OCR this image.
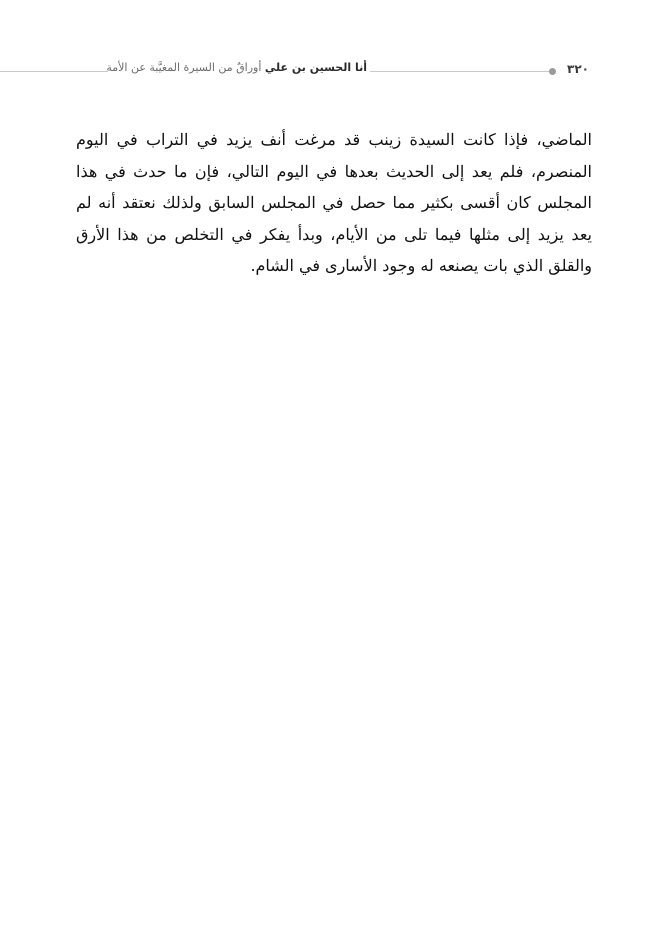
أنا الحسين بن علي أوراقٌ من السيرة المغيَّبة عن الأمة	٣٢٠

الماضي، فإذا كانت السيدة زينب قد مرغت أنف يزيد في التراب في اليوم المنصرم، فلم يعد إلى الحديث بعدها في اليوم التالي، فإن ما حدث في هذا المجلس كان أقسى بكثير مما حصل في المجلس السابق ولذلك نعتقد أنه لم يعد يزيد إلى مثلها فيما تلى من الأيام، وبدأ يفكر في التخلص من هذا الأرق والقلق الذي بات يصنعه له وجود الأسارى في الشام.
